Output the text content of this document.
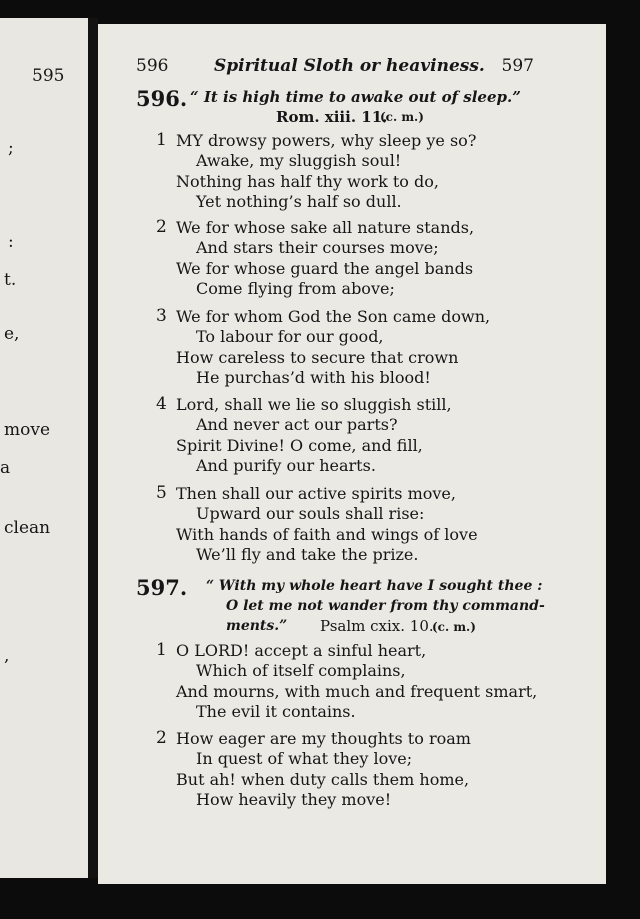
595
;
:
t.
e,
move
a
clean
,
596	Spiritual Sloth or heaviness. 597
596. “ It is high time to awake out of sleep.”
Rom. xiii. 11.
(c. m.)
1 MY drowsy powers, why sleep ye so?
Awake, my sluggish soul!
Nothing has half thy work to do,
Yet nothing’s half so dull.
2 We for whose sake all nature stands,
And stars their courses move;
We for whose guard the angel bands
Come flying from above;
3 We for whom God the Son came down,
To labour for our good,
How careless to secure that crown
He purchas’d with his blood!
4 Lord, shall we lie so sluggish still,
And never act our parts?
Spirit Divine! O come, and fill,
And purify our hearts.
5 Then shall our active spirits move,
Upward our souls shall rise:
With hands of faith and wings of love
We’ll fly and take the prize.
597. “ With my whole heart have I sought thee :
O let me not wander from thy command-
ments.” Psalm cxix. 10.
(c. m.)
1 O LORD! accept a sinful heart,
Which of itself complains,
And mourns, with much and frequent smart,
The evil it contains.
2 How eager are my thoughts to roam
In quest of what they love;
But ah! when duty calls them home,
How heavily they move!
